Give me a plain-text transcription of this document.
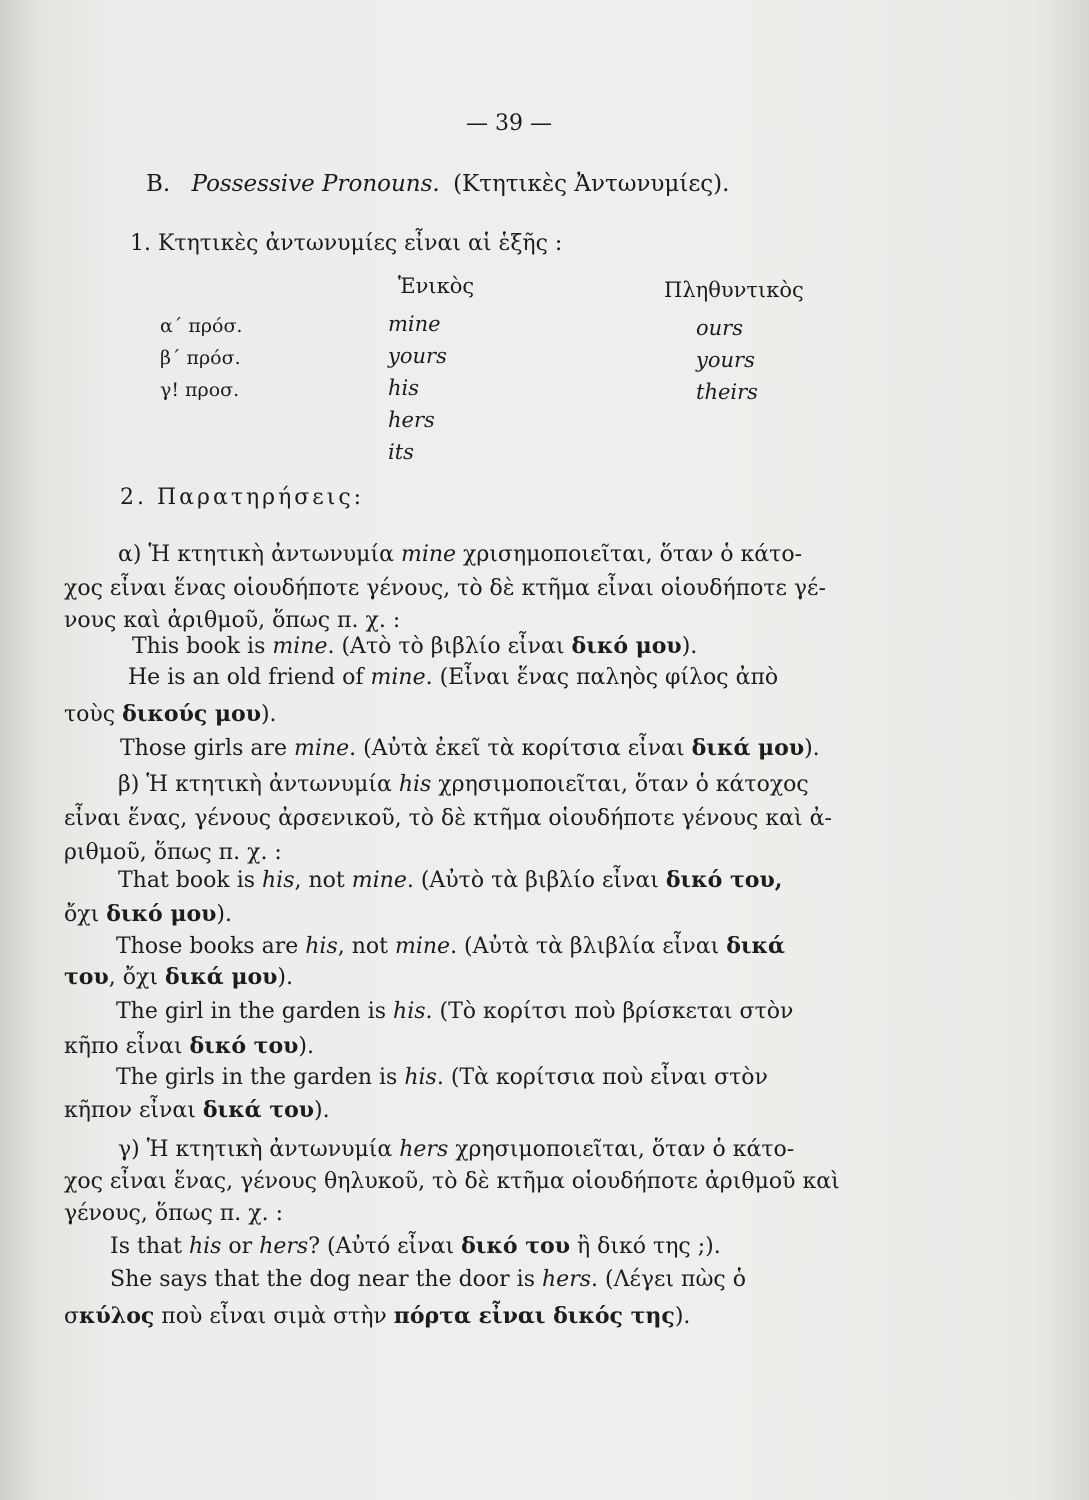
— 39 —
B. Possessive Pronouns. (Κτητικὲς Ἀντωνυμίες).
1. Κτητικὲς ἀντωνυμίες εἶναι αἱ ἑξῆς :
Ἑνικὸς	Πληθυντικὸς
α΄ πρόσ.
β΄ πρόσ.
γ! προσ.
mine
yours
his
hers
its
ours
yours
theirs
2. Παρατηρήσεις:
α) Ἡ κτητικὴ ἀντωνυμία mine χρισημοποιεῖται, ὅταν ὁ κάτο-
χος εἶναι ἕνας οἱουδήποτε γένους, τὸ δὲ κτῆμα εἶναι οἱουδήποτε γέ-
νους καὶ ἀριθμοῦ, ὅπως π. χ. :
This book is mine. (Ατὸ τὸ βιβλίο εἶναι δικό μου).
He is an old friend of mine. (Εἶναι ἕνας παληὸς φίλος ἀπὸ
τοὺς δικούς μου).
Those girls are mine. (Αὐτὰ ἐκεῖ τὰ κορίτσια εἶναι δικά μου).
β) Ἡ κτητικὴ ἀντωνυμία his χρησιμοποιεῖται, ὅταν ὁ κάτοχος
εἶναι ἕνας, γένους ἀρσενικοῦ, τὸ δὲ κτῆμα οἱουδήποτε γένους καὶ ἀ-
ριθμοῦ, ὅπως π. χ. :
That book is his, not mine. (Αὐτὸ τὰ βιβλίο εἶναι δικό του,
ὄχι δικό μου).
Those books are his, not mine. (Αὐτὰ τὰ βλιβλία εἶναι δικά
του, ὄχι δικά μου).
The girl in the garden is his. (Τὸ κορίτσι ποὺ βρίσκεται στὸν
κῆπο εἶναι δικό του).
The girls in the garden is his. (Τὰ κορίτσια ποὺ εἶναι στὸν
κῆπον εἶναι δικά του).
γ) Ἡ κτητικὴ ἀντωνυμία hers χρησιμοποιεῖται, ὅταν ὁ κάτο-
χος εἶναι ἕνας, γένους θηλυκοῦ, τὸ δὲ κτῆμα οἱουδήποτε ἀριθμοῦ καὶ
γένους, ὅπως π. χ. :
Is that his or hers? (Αὐτό εἶναι δικό του ἢ δικό της ;).
She says that the dog near the door is hers. (Λέγει πὼς ὁ
σκύλος ποὺ εἶναι σιμὰ στὴν πόρτα εἶναι δικός της).
